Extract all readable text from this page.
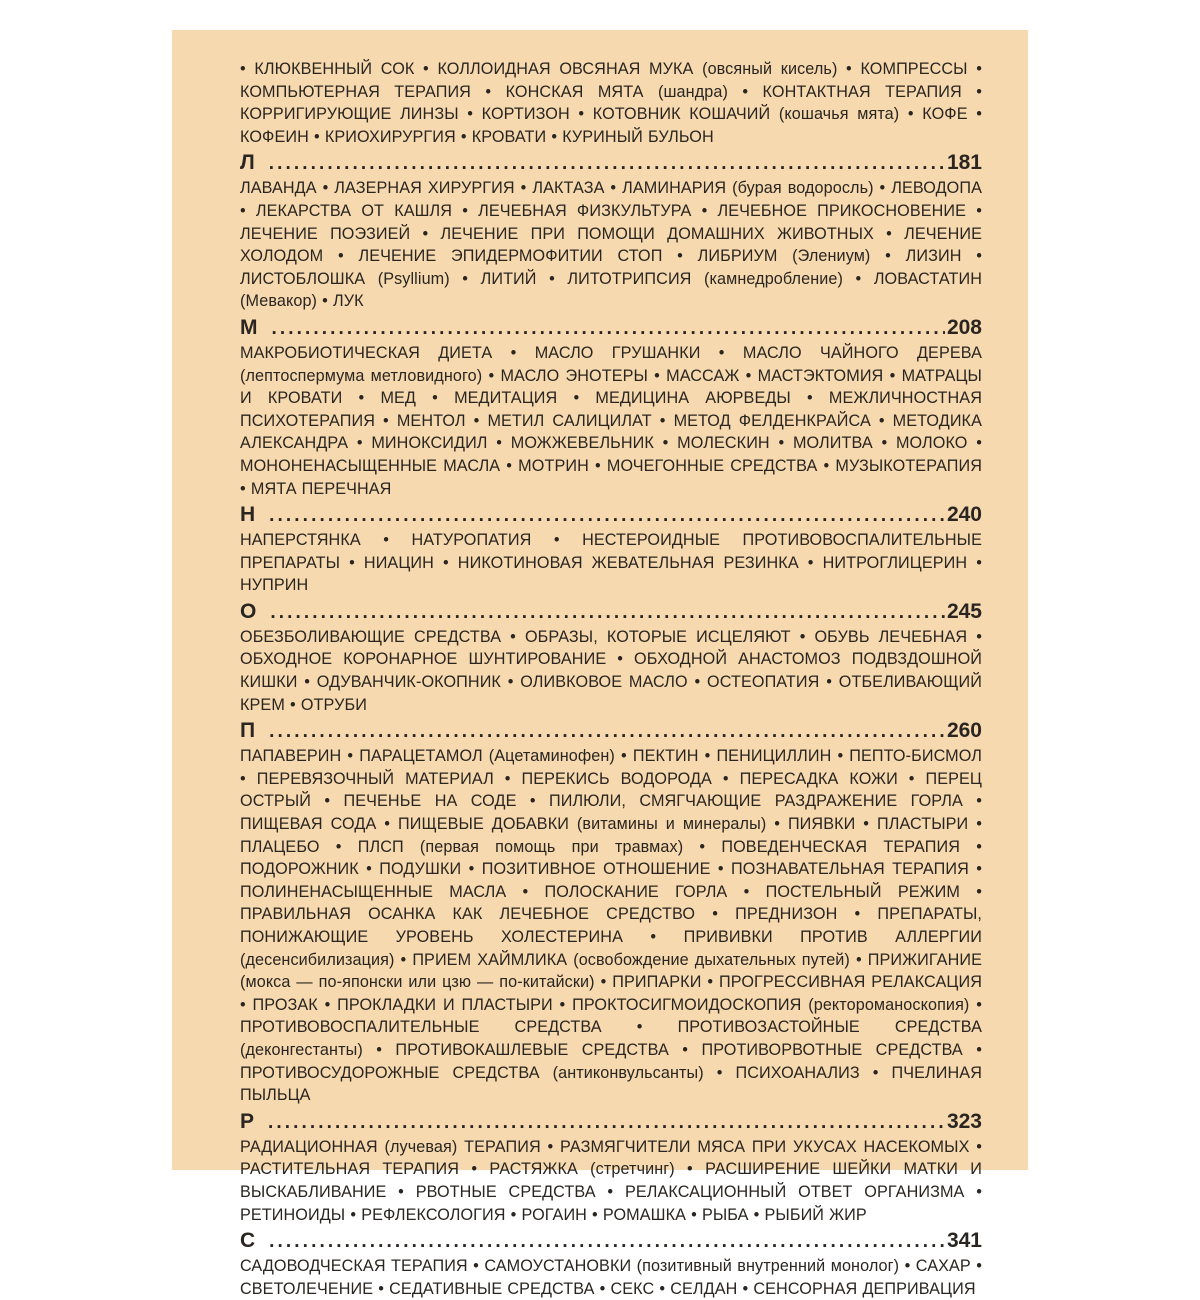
• КЛЮКВЕННЫЙ СОК • КОЛЛОИДНАЯ ОВСЯНАЯ МУКА (овсяный кисель) • КОМПРЕССЫ • КОМПЬЮТЕРНАЯ ТЕРАПИЯ • КОНСКАЯ МЯТА (шандра) • КОНТАКТНАЯ ТЕРАПИЯ • КОРРИГИРУЮЩИЕ ЛИНЗЫ • КОРТИЗОН • КОТОВНИК КОШАЧИЙ (кошачья мята) • КОФЕ • КОФЕИН • КРИОХИРУРГИЯ • КРОВАТИ • КУРИНЫЙ БУЛЬОН

Л .....	181

ЛАВАНДА • ЛАЗЕРНАЯ ХИРУРГИЯ • ЛАКТАЗА • ЛАМИНАРИЯ (бурая водоросль) • ЛЕВОДОПА • ЛЕКАРСТВА ОТ КАШЛЯ • ЛЕЧЕБНАЯ ФИЗКУЛЬТУРА • ЛЕЧЕБНОЕ ПРИКОСНОВЕНИЕ • ЛЕЧЕНИЕ ПОЭЗИЕЙ • ЛЕЧЕНИЕ ПРИ ПОМОЩИ ДОМАШНИХ ЖИВОТНЫХ • ЛЕЧЕНИЕ ХОЛОДОМ • ЛЕЧЕНИЕ ЭПИДЕРМОФИТИИ СТОП • ЛИБРИУМ (Элениум) • ЛИЗИН • ЛИСТОБЛОШКА (Psyllium) • ЛИТИЙ • ЛИТОТРИПСИЯ (камнедробление) • ЛОВАСТАТИН (Мевакор) • ЛУК

М .....	208

МАКРОБИОТИЧЕСКАЯ ДИЕТА • МАСЛО ГРУШАНКИ • МАСЛО ЧАЙНОГО ДЕРЕВА (лептоспермума метловидного) • МАСЛО ЭНОТЕРЫ • МАССАЖ • МАСТЭКТОМИЯ • МАТРАЦЫ И КРОВАТИ • МЕД • МЕДИТАЦИЯ • МЕДИЦИНА АЮРВЕДЫ • МЕЖЛИЧНОСТНАЯ ПСИХОТЕРАПИЯ • МЕНТОЛ • МЕТИЛ САЛИЦИЛАТ • МЕТОД ФЕЛДЕНКРАЙСА • МЕТОДИКА АЛЕКСАНДРА • МИНОКСИДИЛ • МОЖЖЕВЕЛЬНИК • МОЛЕСКИН • МОЛИТВА • МОЛОКО • МОНОНЕНАСЫЩЕННЫЕ МАСЛА • МОТРИН • МОЧЕГОННЫЕ СРЕДСТВА • МУЗЫКОТЕРАПИЯ • МЯТА ПЕРЕЧНАЯ

Н .....	240

НАПЕРСТЯНКА • НАТУРОПАТИЯ • НЕСТЕРОИДНЫЕ ПРОТИВОВОСПАЛИТЕЛЬНЫЕ ПРЕПАРАТЫ • НИАЦИН • НИКОТИНОВАЯ ЖЕВАТЕЛЬНАЯ РЕЗИНКА • НИТРОГЛИЦЕРИН • НУПРИН

О .....	245

ОБЕЗБОЛИВАЮЩИЕ СРЕДСТВА • ОБРАЗЫ, КОТОРЫЕ ИСЦЕЛЯЮТ • ОБУВЬ ЛЕЧЕБНАЯ • ОБХОДНОЕ КОРОНАРНОЕ ШУНТИРОВАНИЕ • ОБХОДНОЙ АНАСТОМОЗ ПОДВЗДОШНОЙ КИШКИ • ОДУВАНЧИК-ОКОПНИК • ОЛИВКОВОЕ МАСЛО • ОСТЕОПАТИЯ • ОТБЕЛИВАЮЩИЙ КРЕМ • ОТРУБИ

П .....	260

ПАПАВЕРИН • ПАРАЦЕТАМОЛ (Ацетаминофен) • ПЕКТИН • ПЕНИЦИЛЛИН • ПЕПТО-БИСМОЛ • ПЕРЕВЯЗОЧНЫЙ МАТЕРИАЛ • ПЕРЕКИСЬ ВОДОРОДА • ПЕРЕСАДКА КОЖИ • ПЕРЕЦ ОСТРЫЙ • ПЕЧЕНЬЕ НА СОДЕ • ПИЛЮЛИ, СМЯГЧАЮЩИЕ РАЗДРАЖЕНИЕ ГОРЛА • ПИЩЕВАЯ СОДА • ПИЩЕВЫЕ ДОБАВКИ (витамины и минералы) • ПИЯВКИ • ПЛАСТЫРИ • ПЛАЦЕБО • ПЛСП (первая помощь при травмах) • ПОВЕДЕНЧЕСКАЯ ТЕРАПИЯ • ПОДОРОЖНИК • ПОДУШКИ • ПОЗИТИВНОЕ ОТНОШЕНИЕ • ПОЗНАВАТЕЛЬНАЯ ТЕРАПИЯ • ПОЛИНЕНАСЫЩЕННЫЕ МАСЛА • ПОЛОСКАНИЕ ГОРЛА • ПОСТЕЛЬНЫЙ РЕЖИМ • ПРАВИЛЬНАЯ ОСАНКА КАК ЛЕЧЕБНОЕ СРЕДСТВО • ПРЕДНИЗОН • ПРЕПАРАТЫ, ПОНИЖАЮЩИЕ УРОВЕНЬ ХОЛЕСТЕРИНА • ПРИВИВКИ ПРОТИВ АЛЛЕРГИИ (десенсибилизация) • ПРИЕМ ХАЙМЛИКА (освобождение дыхательных путей) • ПРИЖИГАНИЕ (мокса — по-японски или цзю — по-китайски) • ПРИПАРКИ • ПРОГРЕССИВНАЯ РЕЛАКСАЦИЯ • ПРОЗАК • ПРОКЛАДКИ И ПЛАСТЫРИ • ПРОКТОСИГМОИДОСКОПИЯ (ректороманоскопия) • ПРОТИВОВОСПАЛИТЕЛЬНЫЕ СРЕДСТВА • ПРОТИВОЗАСТОЙНЫЕ СРЕДСТВА (деконгестанты) • ПРОТИВОКАШЛЕВЫЕ СРЕДСТВА • ПРОТИВОРВОТНЫЕ СРЕДСТВА • ПРОТИВОСУДОРОЖНЫЕ СРЕДСТВА (антиконвульсанты) • ПСИХОАНАЛИЗ • ПЧЕЛИНАЯ ПЫЛЬЦА

Р .....	323

РАДИАЦИОННАЯ (лучевая) ТЕРАПИЯ • РАЗМЯГЧИТЕЛИ МЯСА ПРИ УКУСАХ НАСЕКОМЫХ • РАСТИТЕЛЬНАЯ ТЕРАПИЯ • РАСТЯЖКА (стретчинг) • РАСШИРЕНИЕ ШЕЙКИ МАТКИ И ВЫСКАБЛИВАНИЕ • РВОТНЫЕ СРЕДСТВА • РЕЛАКСАЦИОННЫЙ ОТВЕТ ОРГАНИЗМА • РЕТИНОИДЫ • РЕФЛЕКСОЛОГИЯ • РОГАИН • РОМАШКА • РЫБА • РЫБИЙ ЖИР

С .....	341

САДОВОДЧЕСКАЯ ТЕРАПИЯ • САМОУСТАНОВКИ (позитивный внутренний монолог) • САХАР • СВЕТОЛЕЧЕНИЕ • СЕДАТИВНЫЕ СРЕДСТВА • СЕКС • СЕЛДАН • СЕНСОРНАЯ ДЕПРИВАЦИЯ
